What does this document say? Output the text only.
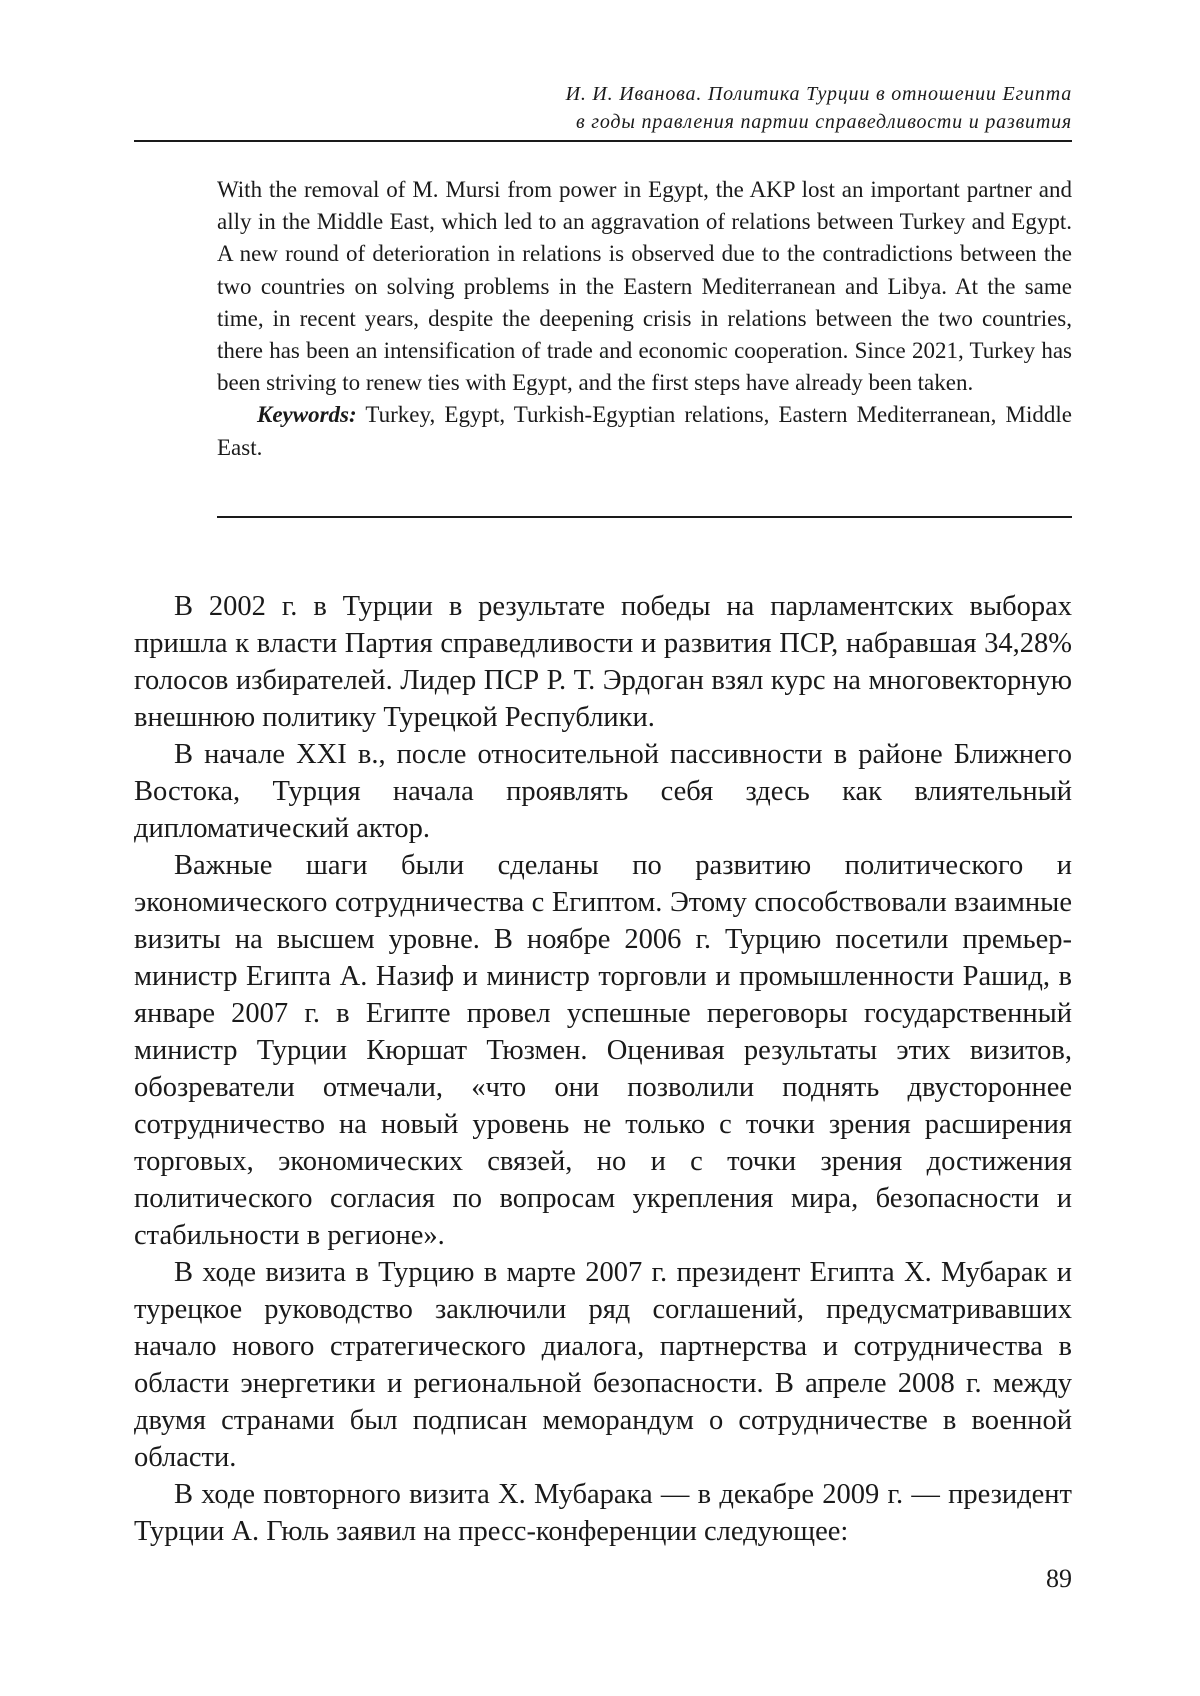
И. И. Иванова. Политика Турции в отношении Египта
в годы правления партии справедливости и развития

With the removal of M. Mursi from power in Egypt, the AKP lost an important partner and ally in the Middle East, which led to an aggravation of relations between Turkey and Egypt. A new round of deterioration in relations is observed due to the contradictions between the two countries on solving problems in the Eastern Mediterranean and Libya. At the same time, in recent years, despite the deepening crisis in relations between the two countries, there has been an intensification of trade and economic cooperation. Since 2021, Turkey has been striving to renew ties with Egypt, and the first steps have already been taken.

Keywords: Turkey, Egypt, Turkish-Egyptian relations, Eastern Mediterranean, Middle East.

В 2002 г. в Турции в результате победы на парламентских выборах пришла к власти Партия справедливости и развития ПСР, набравшая 34,28% голосов избирателей. Лидер ПСР Р. Т. Эрдоган взял курс на многовекторную внешнюю политику Турецкой Республики.

В начале XXI в., после относительной пассивности в районе Ближнего Востока, Турция начала проявлять себя здесь как влиятельный дипломатический актор.

Важные шаги были сделаны по развитию политического и экономического сотрудничества с Египтом. Этому способствовали взаимные визиты на высшем уровне. В ноябре 2006 г. Турцию посетили премьер-министр Египта А. Назиф и министр торговли и промышленности Рашид, в январе 2007 г. в Египте провел успешные переговоры государственный министр Турции Кюршат Тюзмен. Оценивая результаты этих визитов, обозреватели отмечали, «что они позволили поднять двустороннее сотрудничество на новый уровень не только с точки зрения расширения торговых, экономических связей, но и с точки зрения достижения политического согласия по вопросам укрепления мира, безопасности и стабильности в регионе».

В ходе визита в Турцию в марте 2007 г. президент Египта Х. Мубарак и турецкое руководство заключили ряд соглашений, предусматривавших начало нового стратегического диалога, партнерства и сотрудничества в области энергетики и региональной безопасности. В апреле 2008 г. между двумя странами был подписан меморандум о сотрудничестве в военной области.

В ходе повторного визита Х. Мубарака — в декабре 2009 г. — президент Турции А. Гюль заявил на пресс-конференции следующее:

89
